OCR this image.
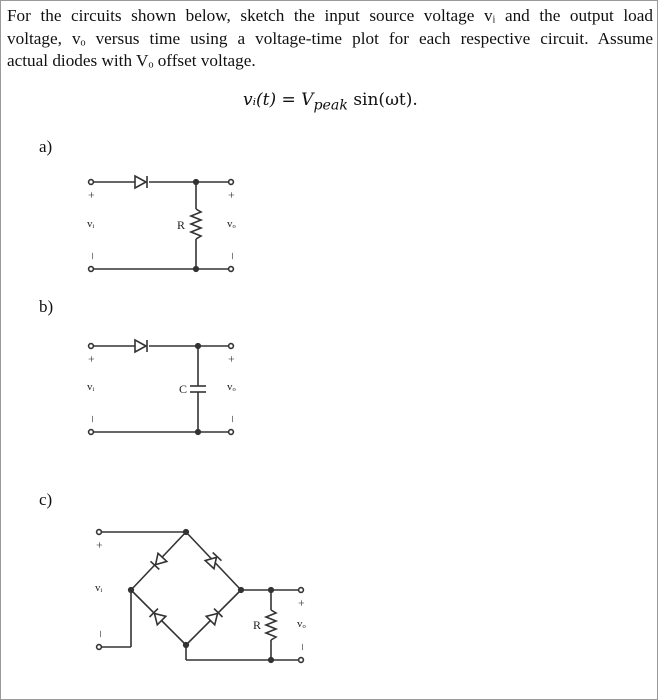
For the circuits shown below, sketch the input source voltage vᵢ and the output load
voltage, vₒ versus time using a voltage-time plot for each respective circuit. Assume
actual diodes with Vₒ offset voltage.
vᵢ(t) = $V_{peak}$ sin(ωt).
a)
b)
c)
+
–
vᵢ
+
–
vₒ
R
+
–
vᵢ
+
–
vₒ
C
+
–
vᵢ
+
–
vₒ
R
